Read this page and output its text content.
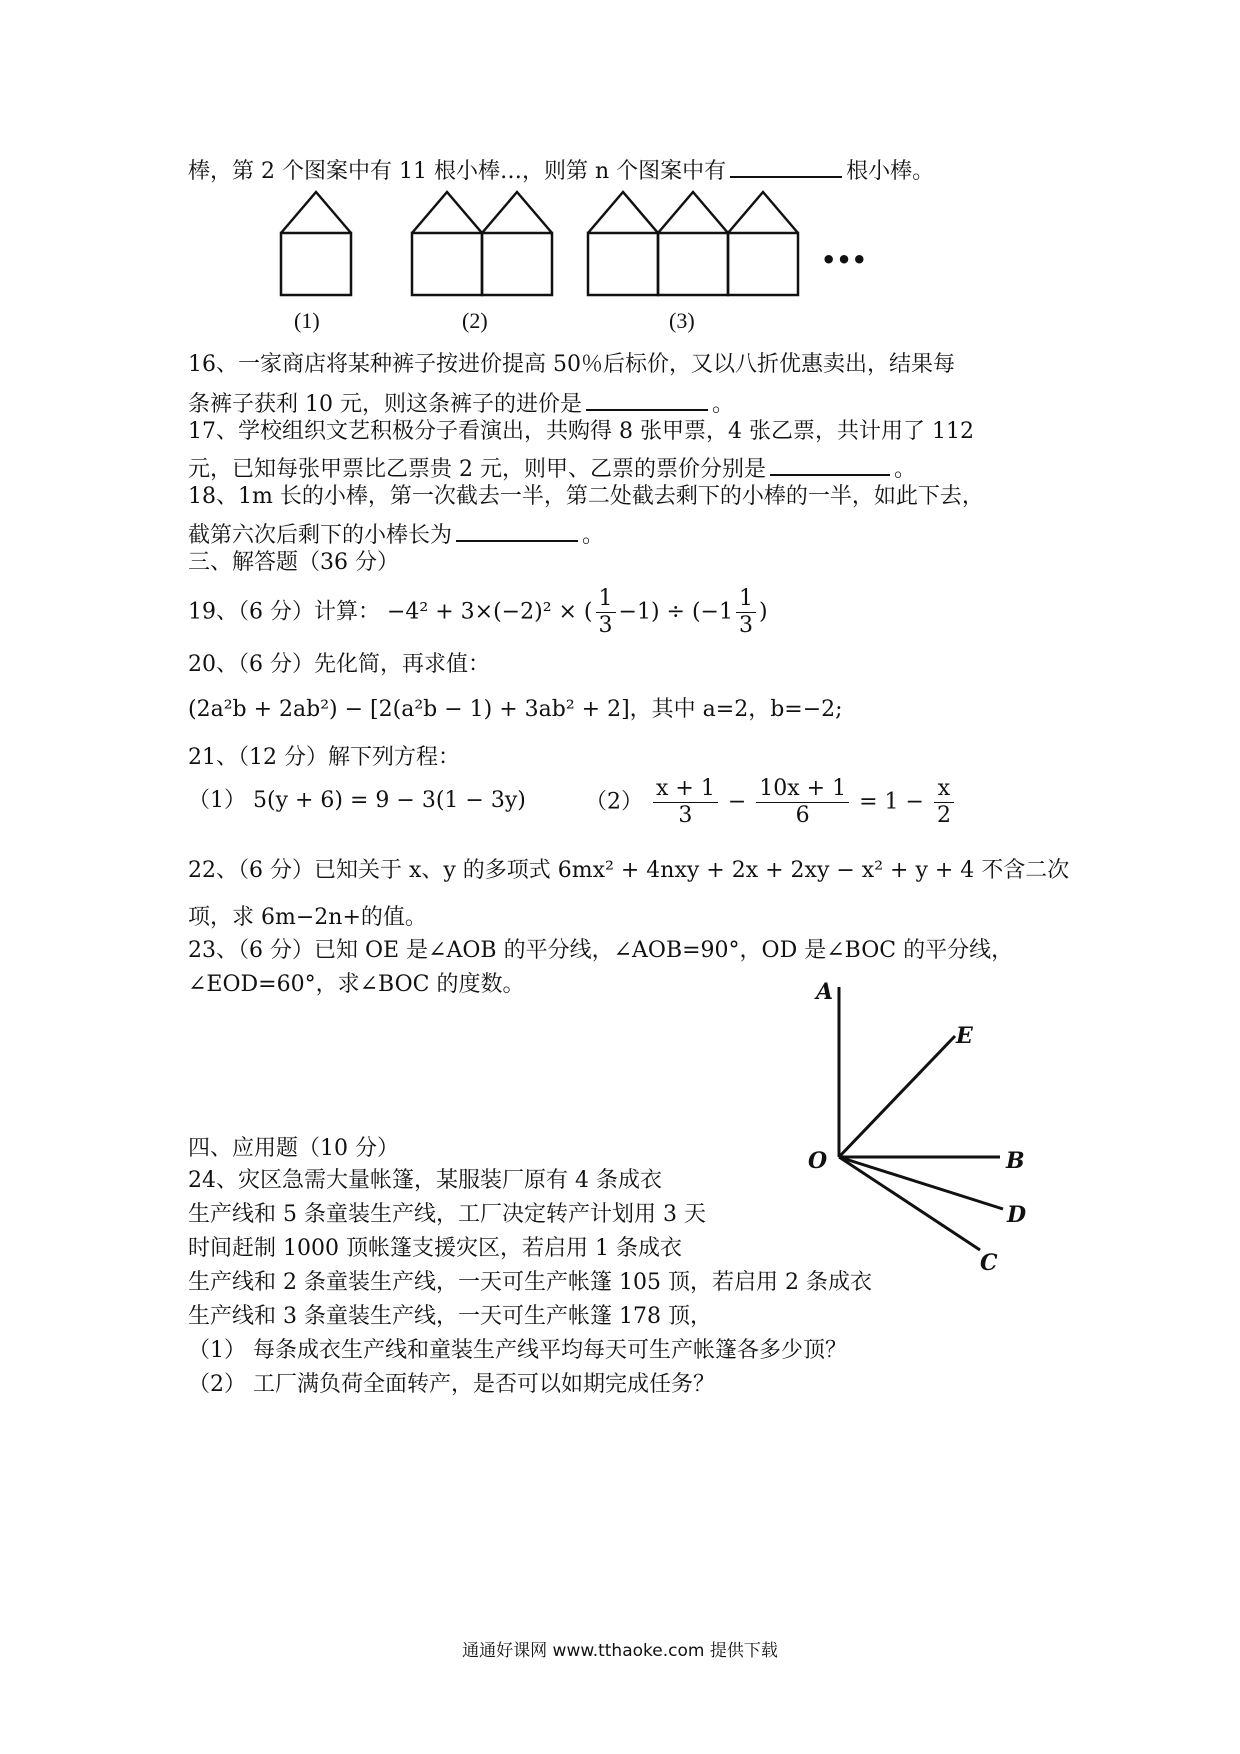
棒，第 2 个图案中有 11 根小棒…，则第 n 个图案中有	根小棒。
•••
(1)	(2)	(3)
16、一家商店将某种裤子按进价提高 50％后标价，又以八折优惠卖出，结果每
条裤子获利 10 元，则这条裤子的进价是	。
17、学校组织文艺积极分子看演出，共购得 8 张甲票，4 张乙票，共计用了 112
元，已知每张甲票比乙票贵 2 元，则甲、乙票的票价分别是	。
18、1m 长的小棒，第一次截去一半，第二处截去剩下的小棒的一半，如此下去，
截第六次后剩下的小棒长为	。
三、解答题（36 分）
19、（6 分）计算： −4² + 3×(−2)² × ( $\frac{1}{3} -1) \div (-1 \frac{1}{3}$ )
20、（6 分）先化简，再求值：
(2a²b + 2ab²) − [2(a²b − 1) + 3ab² + 2]，其中 a=2，b=−2;
21、（12 分）解下列方程：
（1） 5(y + 6) = 9 − 3(1 − 3y)	$(2) \frac{x + 1}{3} - \frac{10x + 1}{6} = 1 - \frac{x}{2}$
22、（6 分）已知关于 x、y 的多项式 6mx² + 4nxy + 2x + 2xy − x² + y + 4 不含二次
项，求 6m−2n+的值。
23、（6 分）已知 OE 是∠AOB 的平分线，∠AOB=90°，OD 是∠BOC 的平分线，
∠EOD=60°，求∠BOC 的度数。	A
E
O	B
D
C
四、应用题（10 分）
24、灾区急需大量帐篷，某服装厂原有 4 条成衣
生产线和 5 条童装生产线，工厂决定转产计划用 3 天
时间赶制 1000 顶帐篷支援灾区，若启用 1 条成衣
生产线和 2 条童装生产线，一天可生产帐篷 105 顶，若启用 2 条成衣
生产线和 3 条童装生产线，一天可生产帐篷 178 顶，
（1） 每条成衣生产线和童装生产线平均每天可生产帐篷各多少顶？
（2） 工厂满负荷全面转产，是否可以如期完成任务？
通通好课网 www.tthaoke.com 提供下载
